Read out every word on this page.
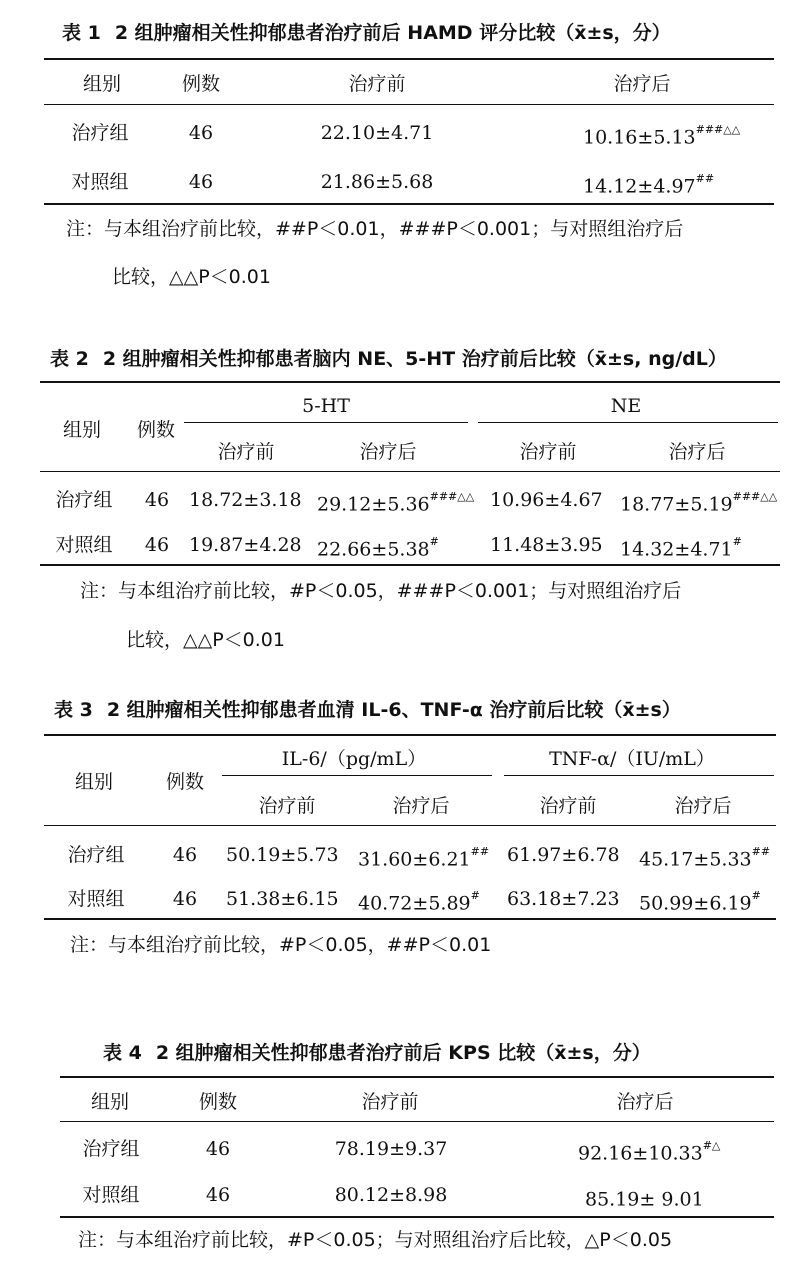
表 1 2 组肿瘤相关性抑郁患者治疗前后 HAMD 评分比较（x̄±s，分）
组别	例数	治疗前	治疗后
治疗组	46	22.10±4.71	10.16±5.13###△△
对照组	46	21.86±5.68	14.12±4.97##
注：与本组治疗前比较，##P＜0.01，###P＜0.001；与对照组治疗后
比较，△△P＜0.01
表 2 2 组肿瘤相关性抑郁患者脑内 NE、5-HT 治疗前后比较（x̄±s, ng/dL）
组别 例数
5-HT	NE
治疗前	治疗后	治疗前	治疗后
治疗组 46 18.72±3.18 29.12±5.36###△△ 10.96±4.67 18.77±5.19###△△
对照组 46 19.87±4.28 22.66±5.38#	11.48±3.95 14.32±4.71#
注：与本组治疗前比较，#P＜0.05，###P＜0.001；与对照组治疗后
比较，△△P＜0.01
表 3 2 组肿瘤相关性抑郁患者血清 IL-6、TNF-α 治疗前后比较（x̄±s）
组别	例数
IL-6/（pg/mL）	TNF-α/（IU/mL）
治疗前	治疗后	治疗前	治疗后
治疗组	46 50.19±5.73 31.60±6.21## 61.97±6.78 45.17±5.33##
对照组	46 51.38±6.15 40.72±5.89# 63.18±7.23 50.99±6.19#
注：与本组治疗前比较，#P＜0.05，##P＜0.01
表 4 2 组肿瘤相关性抑郁患者治疗前后 KPS 比较（x̄±s，分）
组别	例数	治疗前	治疗后
治疗组	46	78.19±9.37	92.16±10.33#△
对照组	46	80.12±8.98	85.19± 9.01
注：与本组治疗前比较，#P＜0.05；与对照组治疗后比较，△P＜0.05
